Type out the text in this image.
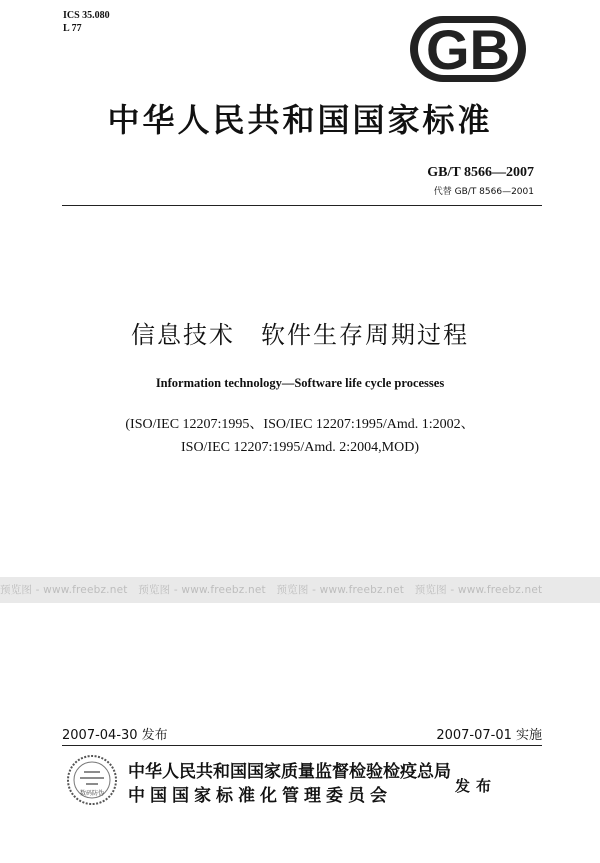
ICS 35.080
L 77	GB
中华人民共和国国家标准
GB/T 8566—2007
代替 GB/T 8566—2001
信息技术　软件生存周期过程
Information technology—Software life cycle processes
(ISO/IEC 12207:1995、ISO/IEC 12207:1995/Amd. 1:2002、
ISO/IEC 12207:1995/Amd. 2:2004,MOD)
预览图 - www.freebz.net　预览图 - www.freebz.net　预览图 - www.freebz.net　预览图 - www.freebz.net
2007-04-30 发布	2007-07-01 实施
数码防伪
中华人民共和国国家质量监督检验检疫总局
中国国家标准化管理委员会	发布
